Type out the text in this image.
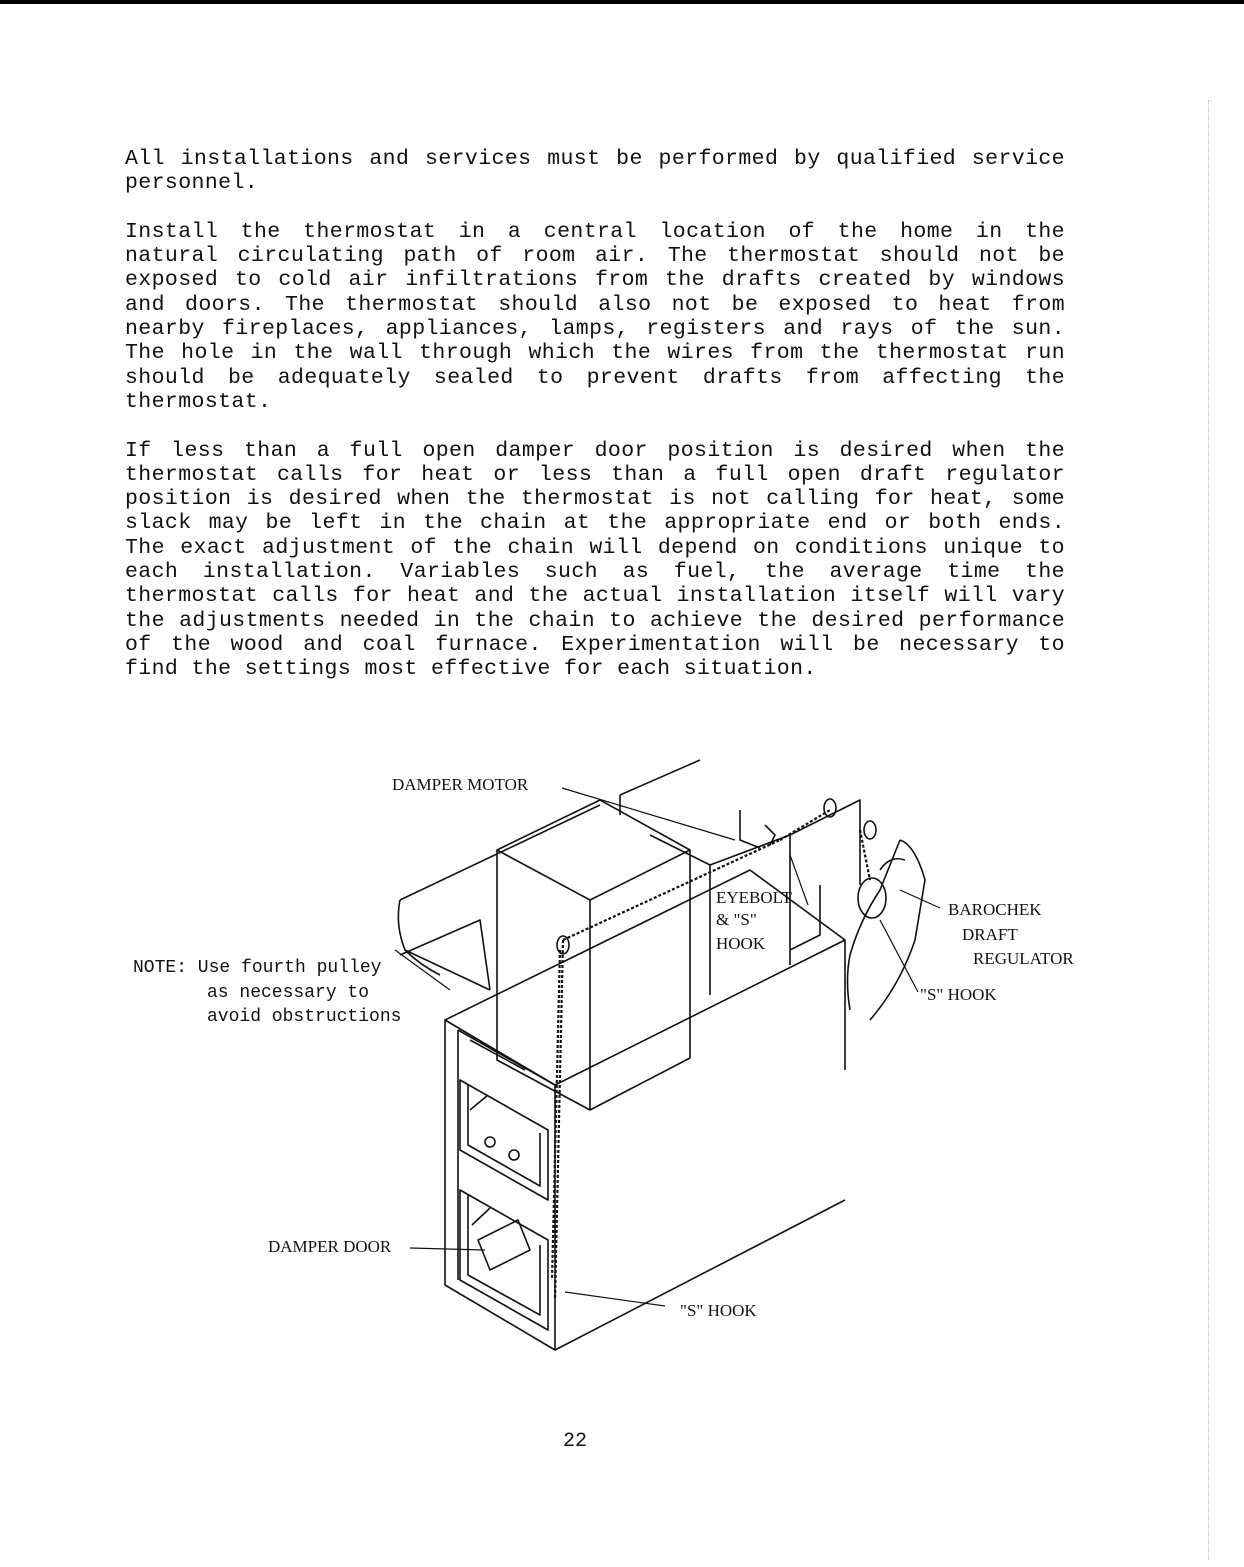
All installations and services must be performed by qualified service personnel.

Install the thermostat in a central location of the home in the natural circulating path of room air. The thermostat should not be exposed to cold air infiltrations from the drafts created by windows and doors. The thermostat should also not be exposed to heat from nearby fireplaces, appliances, lamps, registers and rays of the sun. The hole in the wall through which the wires from the thermostat run should be adequately sealed to prevent drafts from affecting the thermostat.

If less than a full open damper door position is desired when the thermostat calls for heat or less than a full open draft regulator position is desired when the thermostat is not calling for heat, some slack may be left in the chain at the appropriate end or both ends. The exact adjustment of the chain will depend on conditions unique to each installation. Variables such as fuel, the average time the thermostat calls for heat and the actual installation itself will vary the adjustments needed in the chain to achieve the desired performance of the wood and coal furnace. Experimentation will be necessary to find the settings most effective for each situation.

DAMPER MOTOR
EYEBOLT
& "S"
HOOK
BAROCHEK
DRAFT
REGULATOR
"S" HOOK
NOTE: Use fourth pulley
as necessary to
avoid obstructions
DAMPER DOOR
"S" HOOK
22
